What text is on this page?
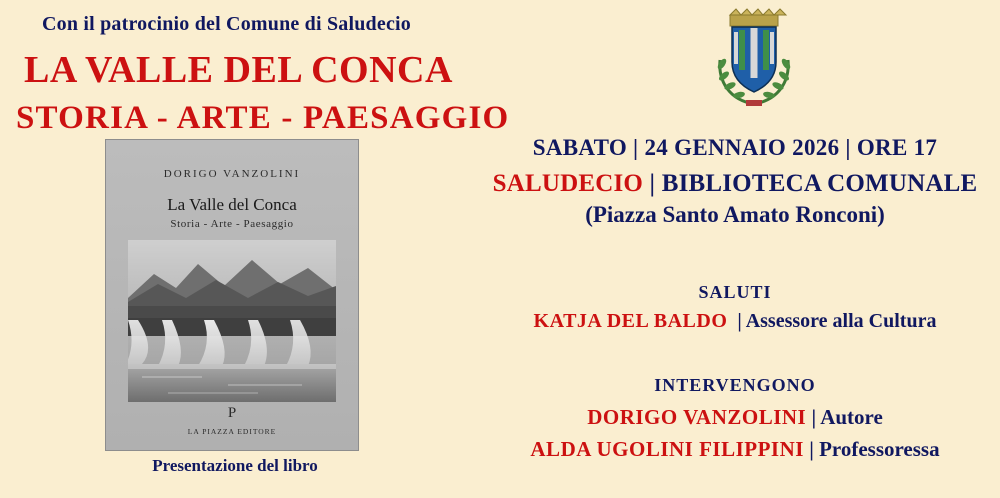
Con il patrocinio del Comune di Saludecio
LA VALLE DEL CONCA
STORIA - ARTE - PAESAGGIO
DORIGO VANZOLINI
La Valle del Conca
Storia - Arte - Paesaggio
P
LA PIAZZA EDITORE
Presentazione del libro
SABATO | 24 GENNAIO 2026 | ORE 17
SALUDECIO | BIBLIOTECA COMUNALE
(Piazza Santo Amato Ronconi)
SALUTI
KATJA DEL BALDO | Assessore alla Cultura
INTERVENGONO
DORIGO VANZOLINI | Autore
ALDA UGOLINI FILIPPINI | Professoressa
